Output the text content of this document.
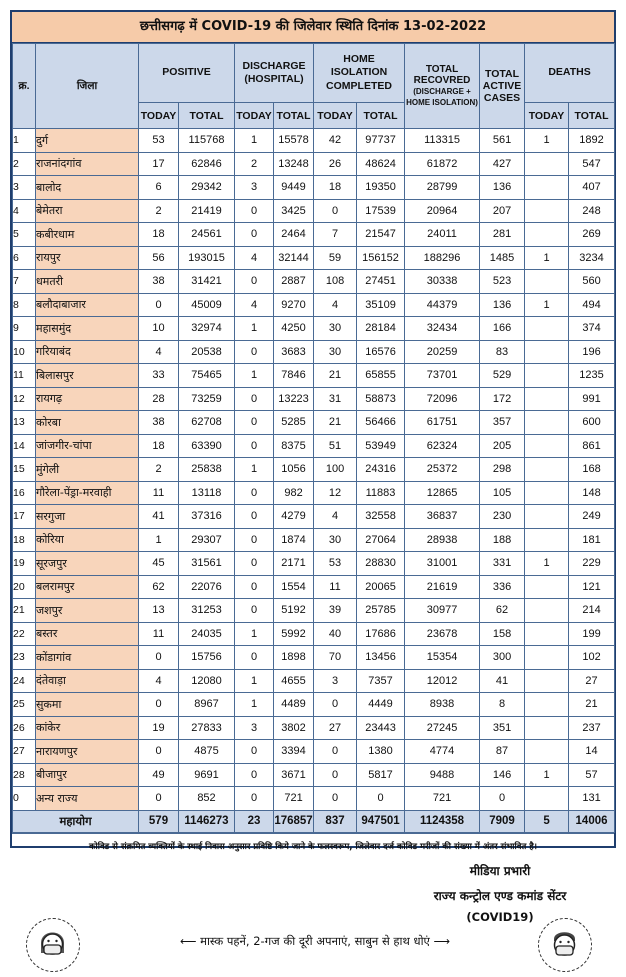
छत्तीसगढ़ में COVID-19 की जिलेवार स्थिति दिनांक 13-02-2022
क्र.	जिला	POSITIVE		DISCHARGE
(HOSPITAL)		HOME ISOLATION
COMPLETED		TOTAL
RECOVRED
(DISCHARGE +
HOME ISOLATION)	TOTAL
ACTIVE
CASES	DEATHS	
		TODAY	TOTAL	TODAY	TOTAL	TODAY	TOTAL			TODAY	TOTAL
1	दुर्ग	53	115768	1	15578	42	97737	113315	561	1	1892
2	राजनांदगांव	17	62846	2	13248	26	48624	61872	427		547
3	बालोद	6	29342	3	9449	18	19350	28799	136		407
4	बेमेतरा	2	21419	0	3425	0	17539	20964	207		248
5	कबीरधाम	18	24561	0	2464	7	21547	24011	281		269
6	रायपुर	56	193015	4	32144	59	156152	188296	1485	1	3234
7	धमतरी	38	31421	0	2887	108	27451	30338	523		560
8	बलौदाबाजार	0	45009	4	9270	4	35109	44379	136	1	494
9	महासमुंद	10	32974	1	4250	30	28184	32434	166		374
10	गरियाबंद	4	20538	0	3683	30	16576	20259	83		196
11	बिलासपुर	33	75465	1	7846	21	65855	73701	529		1235
12	रायगढ़	28	73259	0	13223	31	58873	72096	172		991
13	कोरबा	38	62708	0	5285	21	56466	61751	357		600
14	जांजगीर-चांपा	18	63390	0	8375	51	53949	62324	205		861
15	मुंगेली	2	25838	1	1056	100	24316	25372	298		168
16	गौरेला-पेंड्रा-मरवाही	11	13118	0	982	12	11883	12865	105		148
17	सरगुजा	41	37316	0	4279	4	32558	36837	230		249
18	कोरिया	1	29307	0	1874	30	27064	28938	188		181
19	सूरजपुर	45	31561	0	2171	53	28830	31001	331	1	229
20	बलरामपुर	62	22076	0	1554	11	20065	21619	336		121
21	जशपुर	13	31253	0	5192	39	25785	30977	62		214
22	बस्तर	11	24035	1	5992	40	17686	23678	158		199
23	कोंडागांव	0	15756	0	1898	70	13456	15354	300		102
24	दंतेवाड़ा	4	12080	1	4655	3	7357	12012	41		27
25	सुकमा	0	8967	1	4489	0	4449	8938	8		21
26	कांकेर	19	27833	3	3802	27	23443	27245	351		237
27	नारायणपुर	0	4875	0	3394	0	1380	4774	87		14
28	बीजापुर	49	9691	0	3671	0	5817	9488	146	1	57
0	अन्य राज्य	0	852	0	721	0	0	721	0		131
महायोग		579	1146273	23	176857	837	947501	1124358	7909	5	14006
कोविड से संक्रमित व्यक्तियों के स्थाई निवास अनुसार प्रविष्टि किये जाने के फलस्वरूप, जिलेवार दर्ज कोविड मरीजों की संख्या में अंतर संभावित है।
मीडिया प्रभारी
राज्य कन्ट्रोल एण्ड कमांड सेंटर
(COVID19)
⟵ मास्क पहनें, 2-गज की दूरी अपनाएं, साबुन से हाथ धोएं ⟶
